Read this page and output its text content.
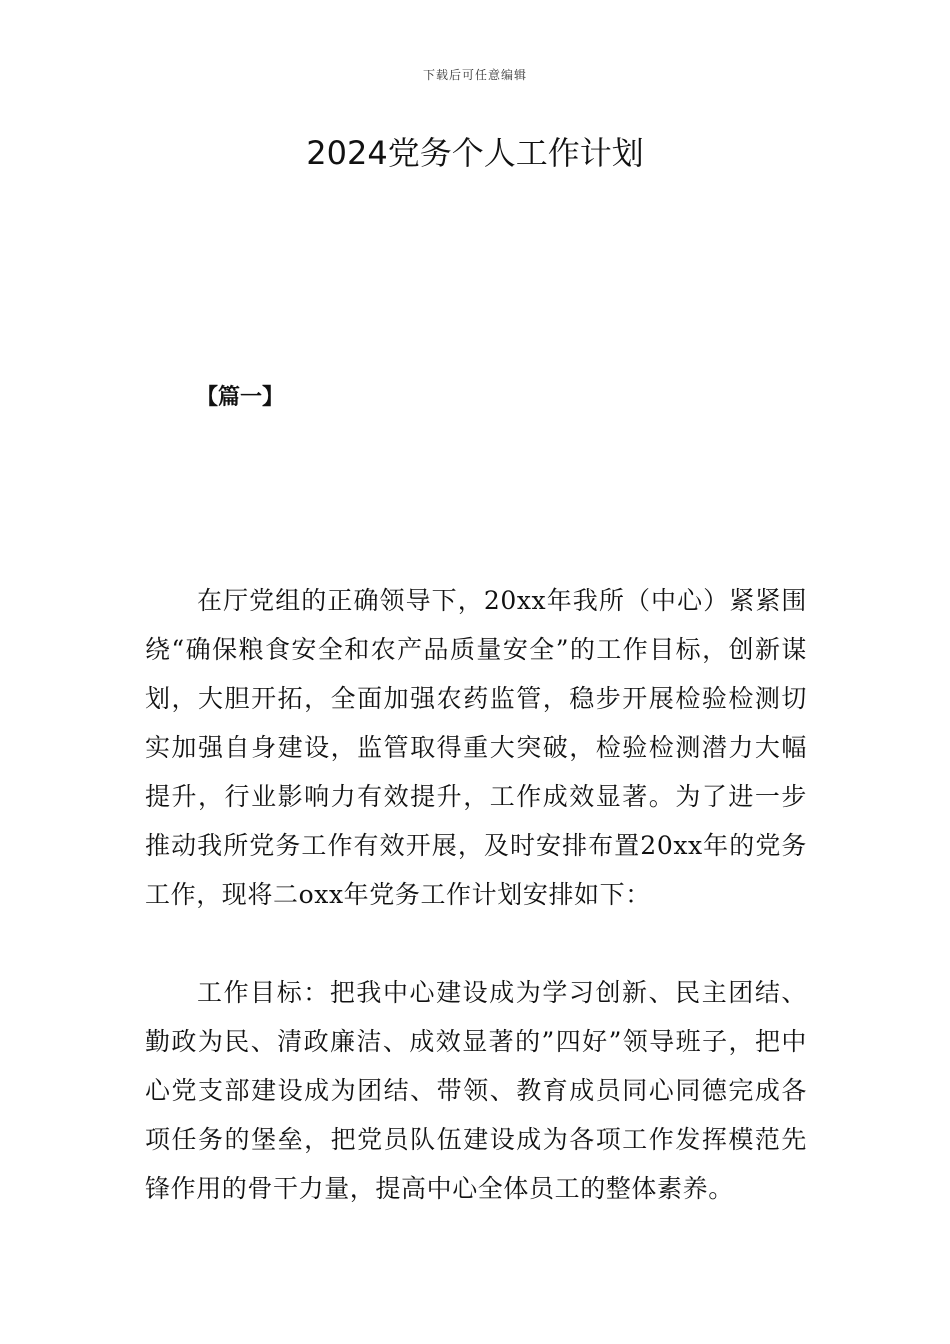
下载后可任意编辑
2024党务个人工作计划
【篇一】

在厅党组的正确领导下，20xx年我所（中心）紧紧围绕“确保粮食安全和农产品质量安全”的工作目标，创新谋划，大胆开拓，全面加强农药监管，稳步开展检验检测切实加强自身建设，监管取得重大突破，检验检测潜力大幅提升，行业影响力有效提升，工作成效显著。为了进一步推动我所党务工作有效开展，及时安排布置20xx年的党务工作，现将二oxx年党务工作计划安排如下：

工作目标：把我中心建设成为学习创新、民主团结、勤政为民、清政廉洁、成效显著的”四好”领导班子，把中心党支部建设成为团结、带领、教育成员同心同德完成各项任务的堡垒，把党员队伍建设成为各项工作发挥模范先锋作用的骨干力量，提高中心全体员工的整体素养。
